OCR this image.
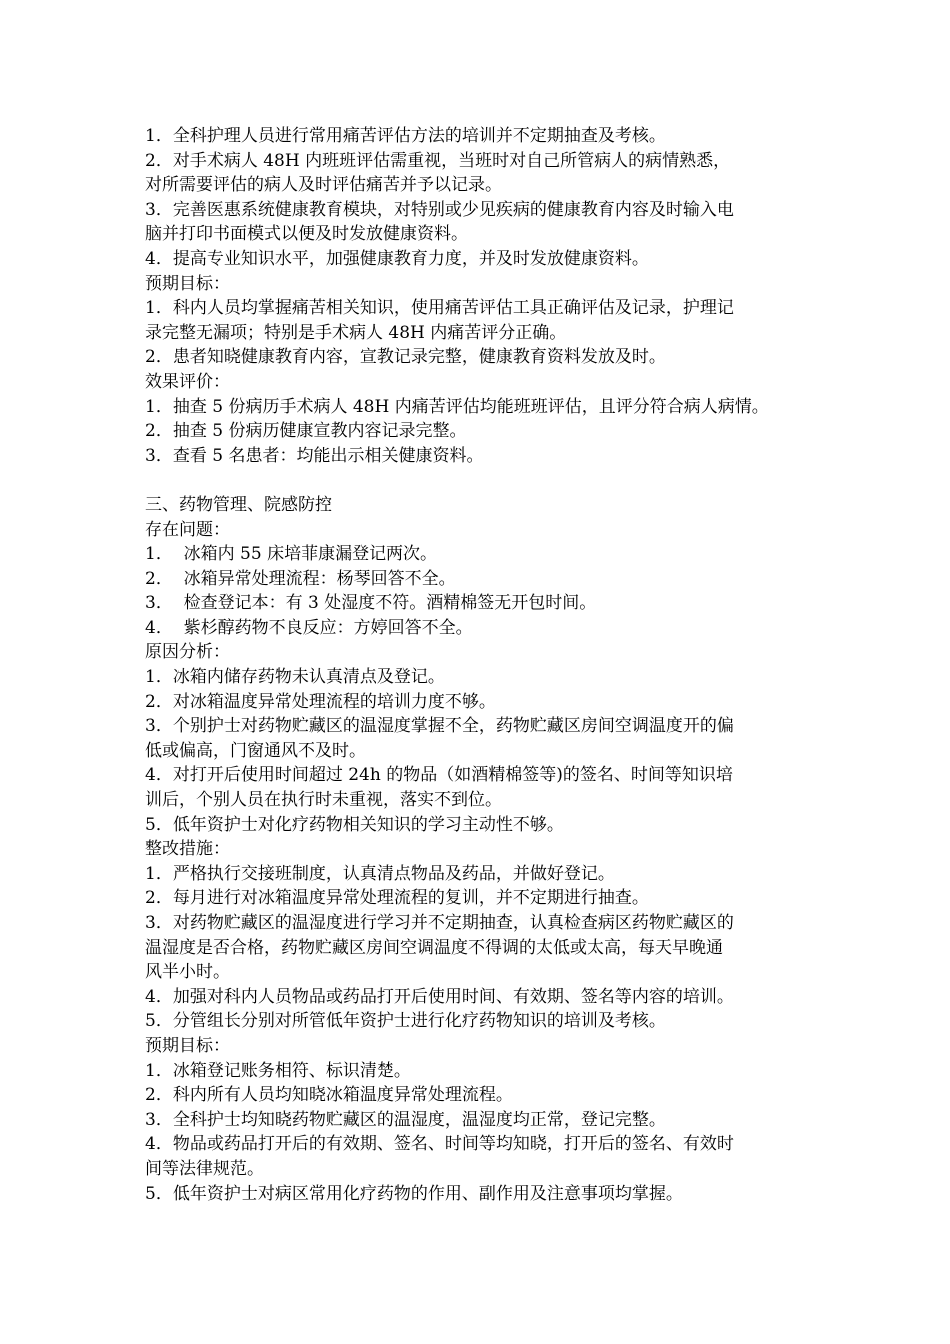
1．全科护理人员进行常用痛苦评估方法的培训并不定期抽查及考核。

2．对手术病人 48H 内班班评估需重视，当班时对自己所管病人的病情熟悉，

对所需要评估的病人及时评估痛苦并予以记录。

3．完善医惠系统健康教育模块，对特别或少见疾病的健康教育内容及时输入电

脑并打印书面模式以便及时发放健康资料。

4．提高专业知识水平，加强健康教育力度，并及时发放健康资料。

预期目标：

1．科内人员均掌握痛苦相关知识，使用痛苦评估工具正确评估及记录，护理记

录完整无漏项；特别是手术病人 48H 内痛苦评分正确。

2．患者知晓健康教育内容，宣教记录完整，健康教育资料发放及时。

效果评价：

1．抽查 5 份病历手术病人 48H 内痛苦评估均能班班评估，且评分符合病人病情。

2．抽查 5 份病历健康宣教内容记录完整。

3．查看 5 名患者：均能出示相关健康资料。

三、药物管理、院感防控

存在问题：

1．  冰箱内 55 床培菲康漏登记两次。

2．  冰箱异常处理流程：杨琴回答不全。

3．  检查登记本：有 3 处湿度不符。酒精棉签无开包时间。

4．  紫杉醇药物不良反应：方婷回答不全。

原因分析：

1．冰箱内储存药物未认真清点及登记。

2．对冰箱温度异常处理流程的培训力度不够。

3．个别护士对药物贮藏区的温湿度掌握不全，药物贮藏区房间空调温度开的偏

低或偏高，门窗通风不及时。

4．对打开后使用时间超过 24h 的物品（如酒精棉签等)的签名、时间等知识培

训后，个别人员在执行时未重视，落实不到位。

5．低年资护士对化疗药物相关知识的学习主动性不够。

整改措施：

1．严格执行交接班制度，认真清点物品及药品，并做好登记。

2．每月进行对冰箱温度异常处理流程的复训，并不定期进行抽查。

3．对药物贮藏区的温湿度进行学习并不定期抽查，认真检查病区药物贮藏区的

温湿度是否合格，药物贮藏区房间空调温度不得调的太低或太高，每天早晚通

风半小时。

4．加强对科内人员物品或药品打开后使用时间、有效期、签名等内容的培训。

5．分管组长分别对所管低年资护士进行化疗药物知识的培训及考核。

预期目标：

1．冰箱登记账务相符、标识清楚。

2．科内所有人员均知晓冰箱温度异常处理流程。

3．全科护士均知晓药物贮藏区的温湿度，温湿度均正常，登记完整。

4．物品或药品打开后的有效期、签名、时间等均知晓，打开后的签名、有效时

间等法律规范。

5．低年资护士对病区常用化疗药物的作用、副作用及注意事项均掌握。
